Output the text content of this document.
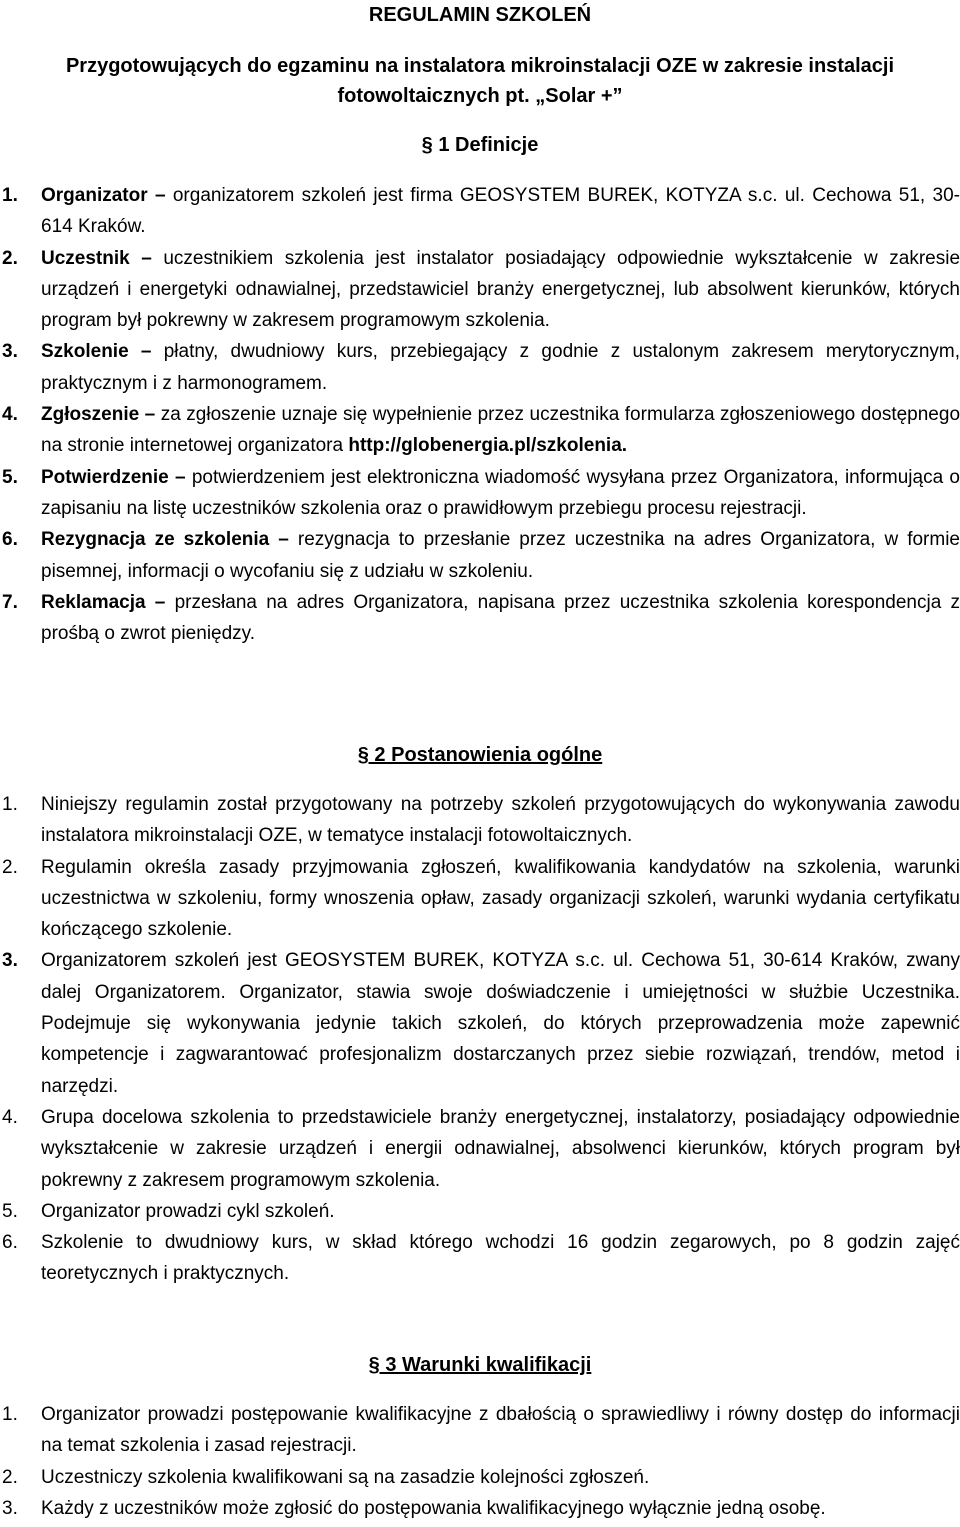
REGULAMIN SZKOLEŃ
Przygotowujących do egzaminu na instalatora mikroinstalacji OZE w zakresie instalacji fotowoltaicznych pt. „Solar +”
§ 1 Definicje
1. Organizator – organizatorem szkoleń jest firma GEOSYSTEM BUREK, KOTYZA s.c. ul. Cechowa 51, 30-614 Kraków.
2. Uczestnik – uczestnikiem szkolenia jest instalator posiadający odpowiednie wykształcenie w zakresie urządzeń i energetyki odnawialnej, przedstawiciel branży energetycznej, lub absolwent kierunków, których program był pokrewny w zakresem programowym szkolenia.
3. Szkolenie – płatny, dwudniowy kurs, przebiegający z godnie z ustalonym zakresem merytorycznym, praktycznym i z harmonogramem.
4. Zgłoszenie – za zgłoszenie uznaje się wypełnienie przez uczestnika formularza zgłoszeniowego dostępnego na stronie internetowej organizatora http://globenergia.pl/szkolenia.
5. Potwierdzenie – potwierdzeniem jest elektroniczna wiadomość wysyłana przez Organizatora, informująca o zapisaniu na listę uczestników szkolenia oraz o prawidłowym przebiegu procesu rejestracji.
6. Rezygnacja ze szkolenia – rezygnacja to przesłanie przez uczestnika na adres Organizatora, w formie pisemnej, informacji o wycofaniu się z udziału w szkoleniu.
7. Reklamacja – przesłana na adres Organizatora, napisana przez uczestnika szkolenia korespondencja z prośbą o zwrot pieniędzy.
§ 2 Postanowienia ogólne
1. Niniejszy regulamin został przygotowany na potrzeby szkoleń przygotowujących do wykonywania zawodu instalatora mikroinstalacji OZE, w tematyce instalacji fotowoltaicznych.
2. Regulamin określa zasady przyjmowania zgłoszeń, kwalifikowania kandydatów na szkolenia, warunki uczestnictwa w szkoleniu, formy wnoszenia opław, zasady organizacji szkoleń, warunki wydania certyfikatu kończącego szkolenie.
3. Organizatorem szkoleń jest GEOSYSTEM BUREK, KOTYZA s.c. ul. Cechowa 51, 30-614 Kraków, zwany dalej Organizatorem. Organizator, stawia swoje doświadczenie i umiejętności w służbie Uczestnika. Podejmuje się wykonywania jedynie takich szkoleń, do których przeprowadzenia może zapewnić kompetencje i zagwarantować profesjonalizm dostarczanych przez siebie rozwiązań, trendów, metod i narzędzi.
4. Grupa docelowa szkolenia to przedstawiciele branży energetycznej, instalatorzy, posiadający odpowiednie wykształcenie w zakresie urządzeń i energii odnawialnej, absolwenci kierunków, których program był pokrewny z zakresem programowym szkolenia.
5. Organizator prowadzi cykl szkoleń.
6. Szkolenie to dwudniowy kurs, w skład którego wchodzi 16 godzin zegarowych, po 8 godzin zajęć teoretycznych i praktycznych.
§ 3 Warunki kwalifikacji
1. Organizator prowadzi postępowanie kwalifikacyjne z dbałością o sprawiedliwy i równy dostęp do informacji na temat szkolenia i zasad rejestracji.
2. Uczestniczy szkolenia kwalifikowani są na zasadzie kolejności zgłoszeń.
3. Każdy z uczestników może zgłosić do postępowania kwalifikacyjnego wyłącznie jedną osobę.
